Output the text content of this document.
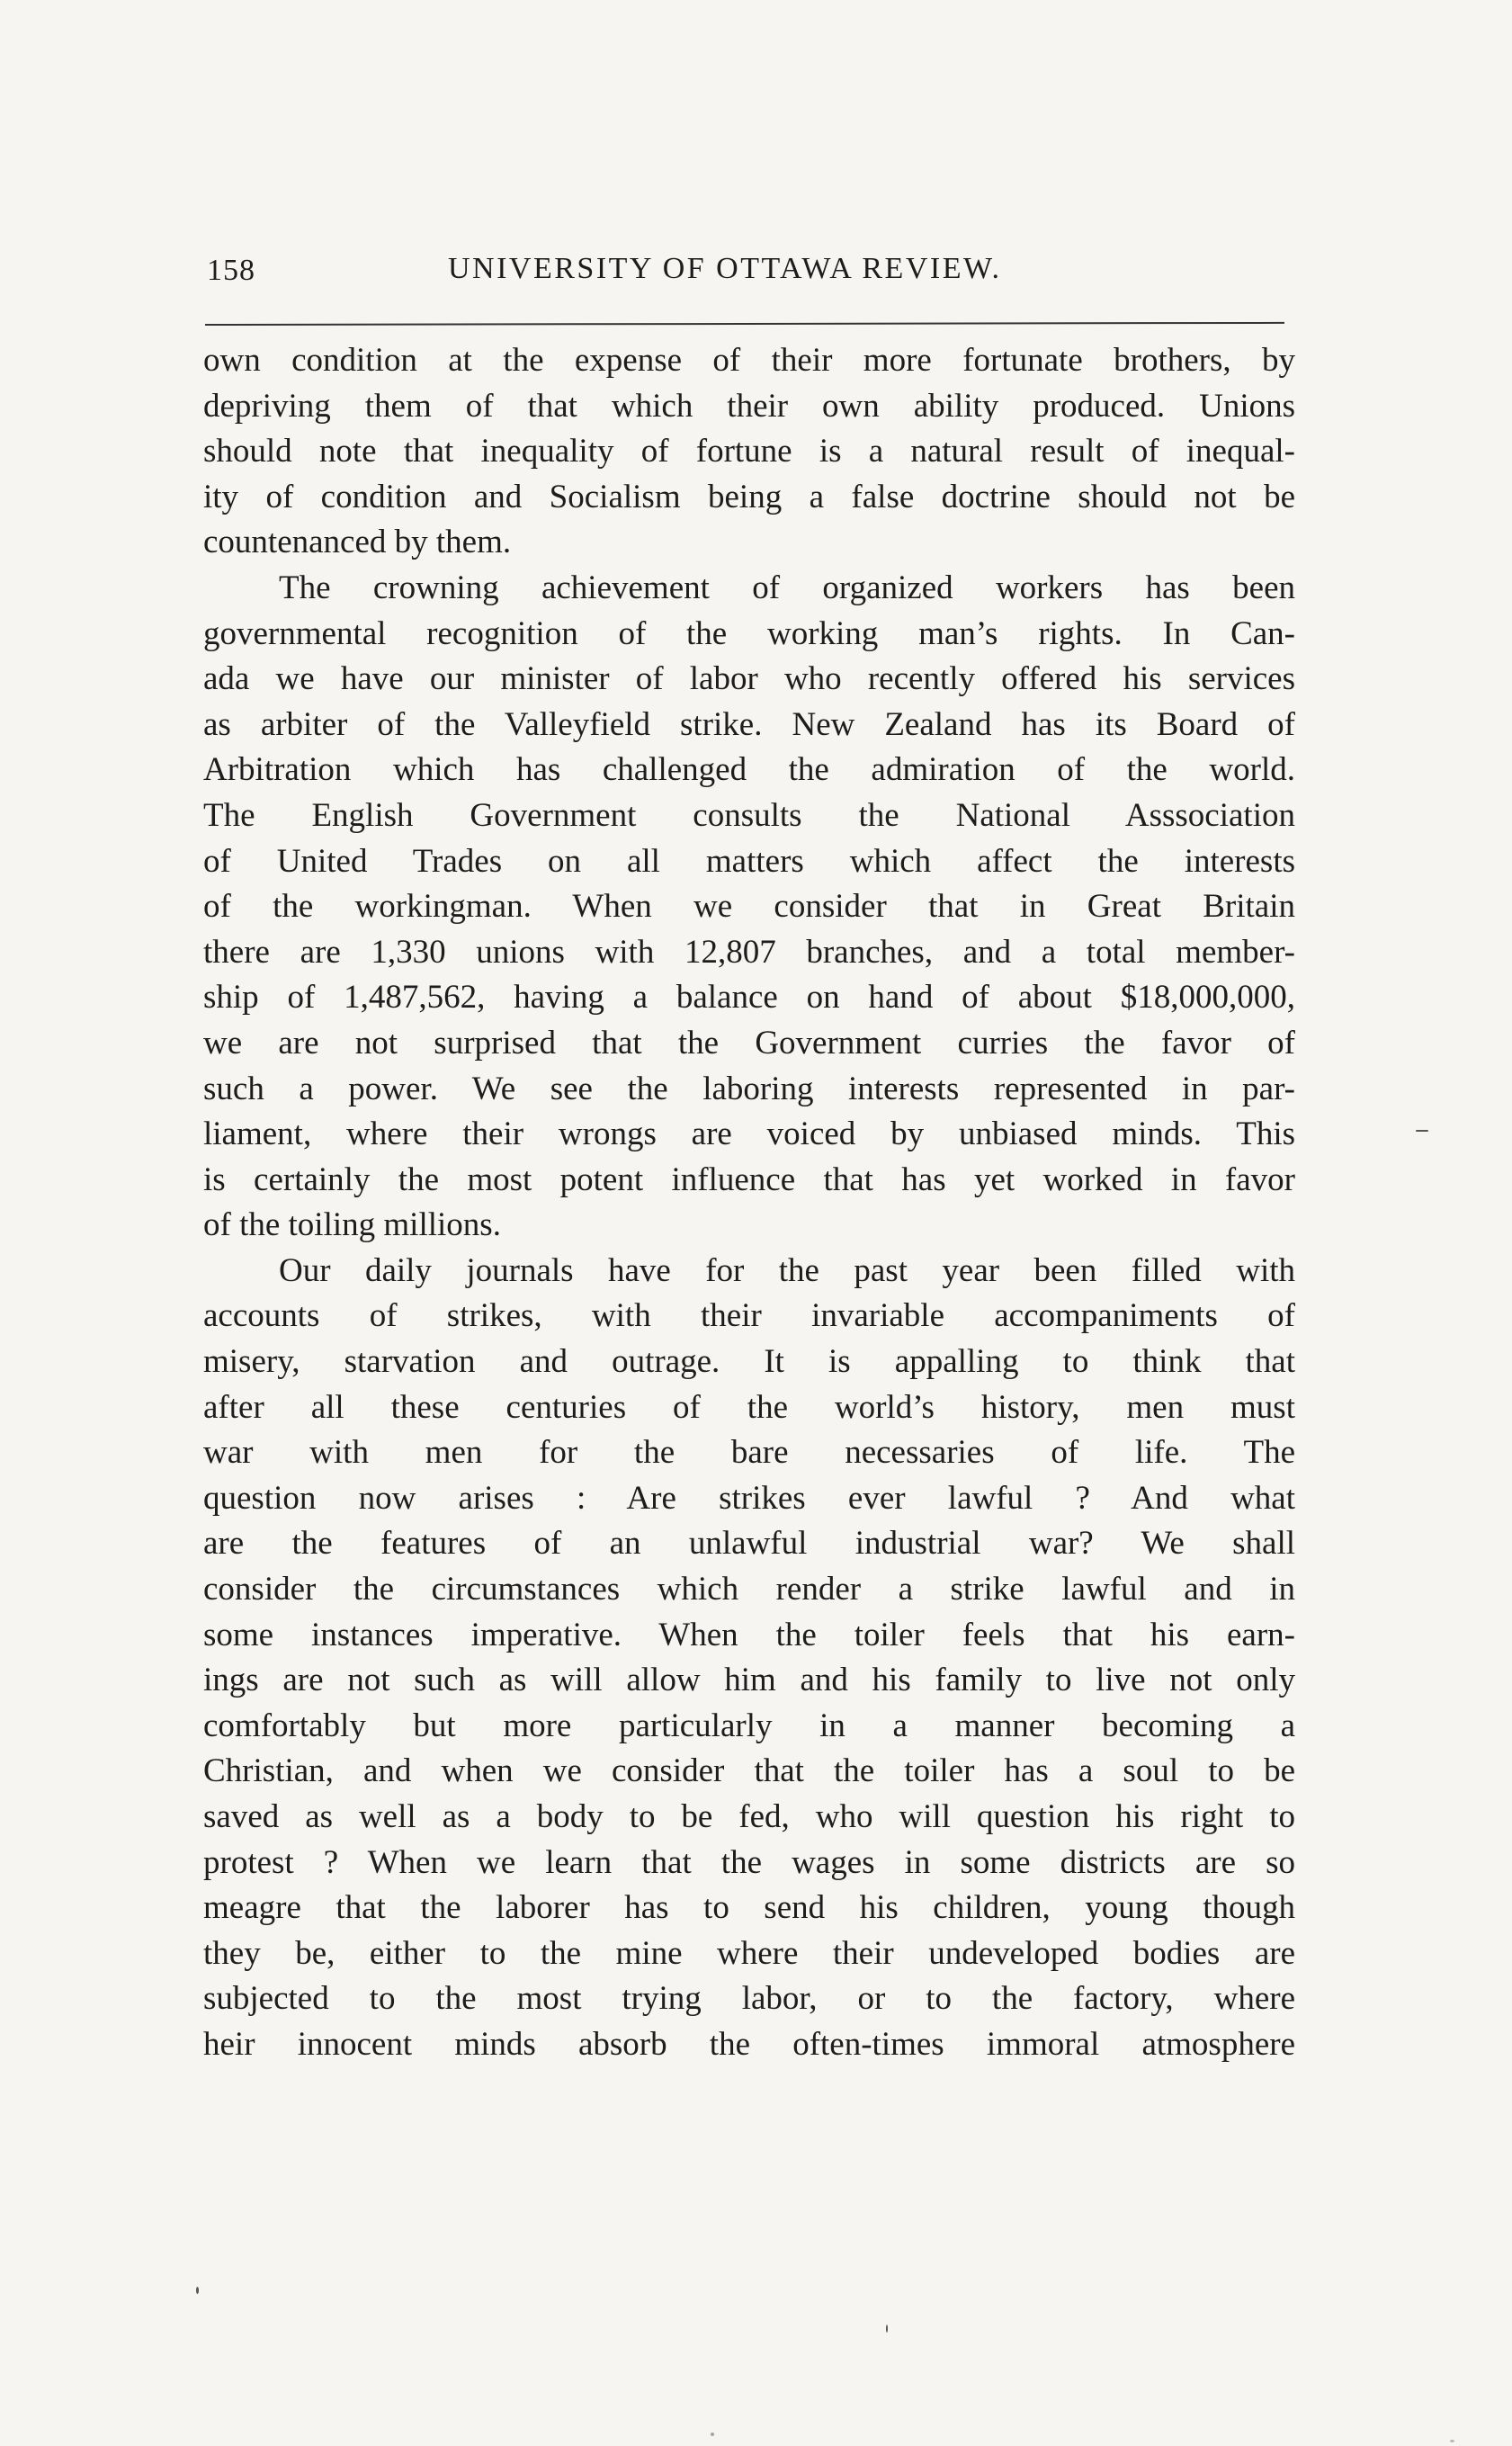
158	UNIVERSITY OF OTTAWA REVIEW.
own condition at the expense of their more fortunate brothers, by
depriving them of that which their own ability produced. Unions
should note that inequality of fortune is a natural result of inequal-
ity of condition and Socialism being a false doctrine should not be
countenanced by them.
The crowning achievement of organized workers has been
governmental recognition of the working man’s rights. In Can-
ada we have our minister of labor who recently offered his services
as arbiter of the Valleyfield strike. New Zealand has its Board of
Arbitration which has challenged the admiration of the world.
The English Government consults the National Asssociation
of United Trades on all matters which affect the interests
of the workingman. When we consider that in Great Britain
there are 1,330 unions with 12,807 branches, and a total member-
ship of 1,487,562, having a balance on hand of about $18,000,000,
we are not surprised that the Government curries the favor of
such a power. We see the laboring interests represented in par-
liament, where their wrongs are voiced by unbiased minds. This
is certainly the most potent influence that has yet worked in favor
of the toiling millions.
Our daily journals have for the past year been filled with
accounts of strikes, with their invariable accompaniments of
misery, starvation and outrage. It is appalling to think that
after all these centuries of the world’s history, men must
war with men for the bare necessaries of life. The
question now arises : Are strikes ever lawful ? And what
are the features of an unlawful industrial war? We shall
consider the circumstances which render a strike lawful and in
some instances imperative. When the toiler feels that his earn-
ings are not such as will allow him and his family to live not only
comfortably but more particularly in a manner becoming a
Christian, and when we consider that the toiler has a soul to be
saved as well as a body to be fed, who will question his right to
protest ? When we learn that the wages in some districts are so
meagre that the laborer has to send his children, young though
they be, either to the mine where their undeveloped bodies are
subjected to the most trying labor, or to the factory, where
heir innocent minds absorb the often-times immoral atmosphere
